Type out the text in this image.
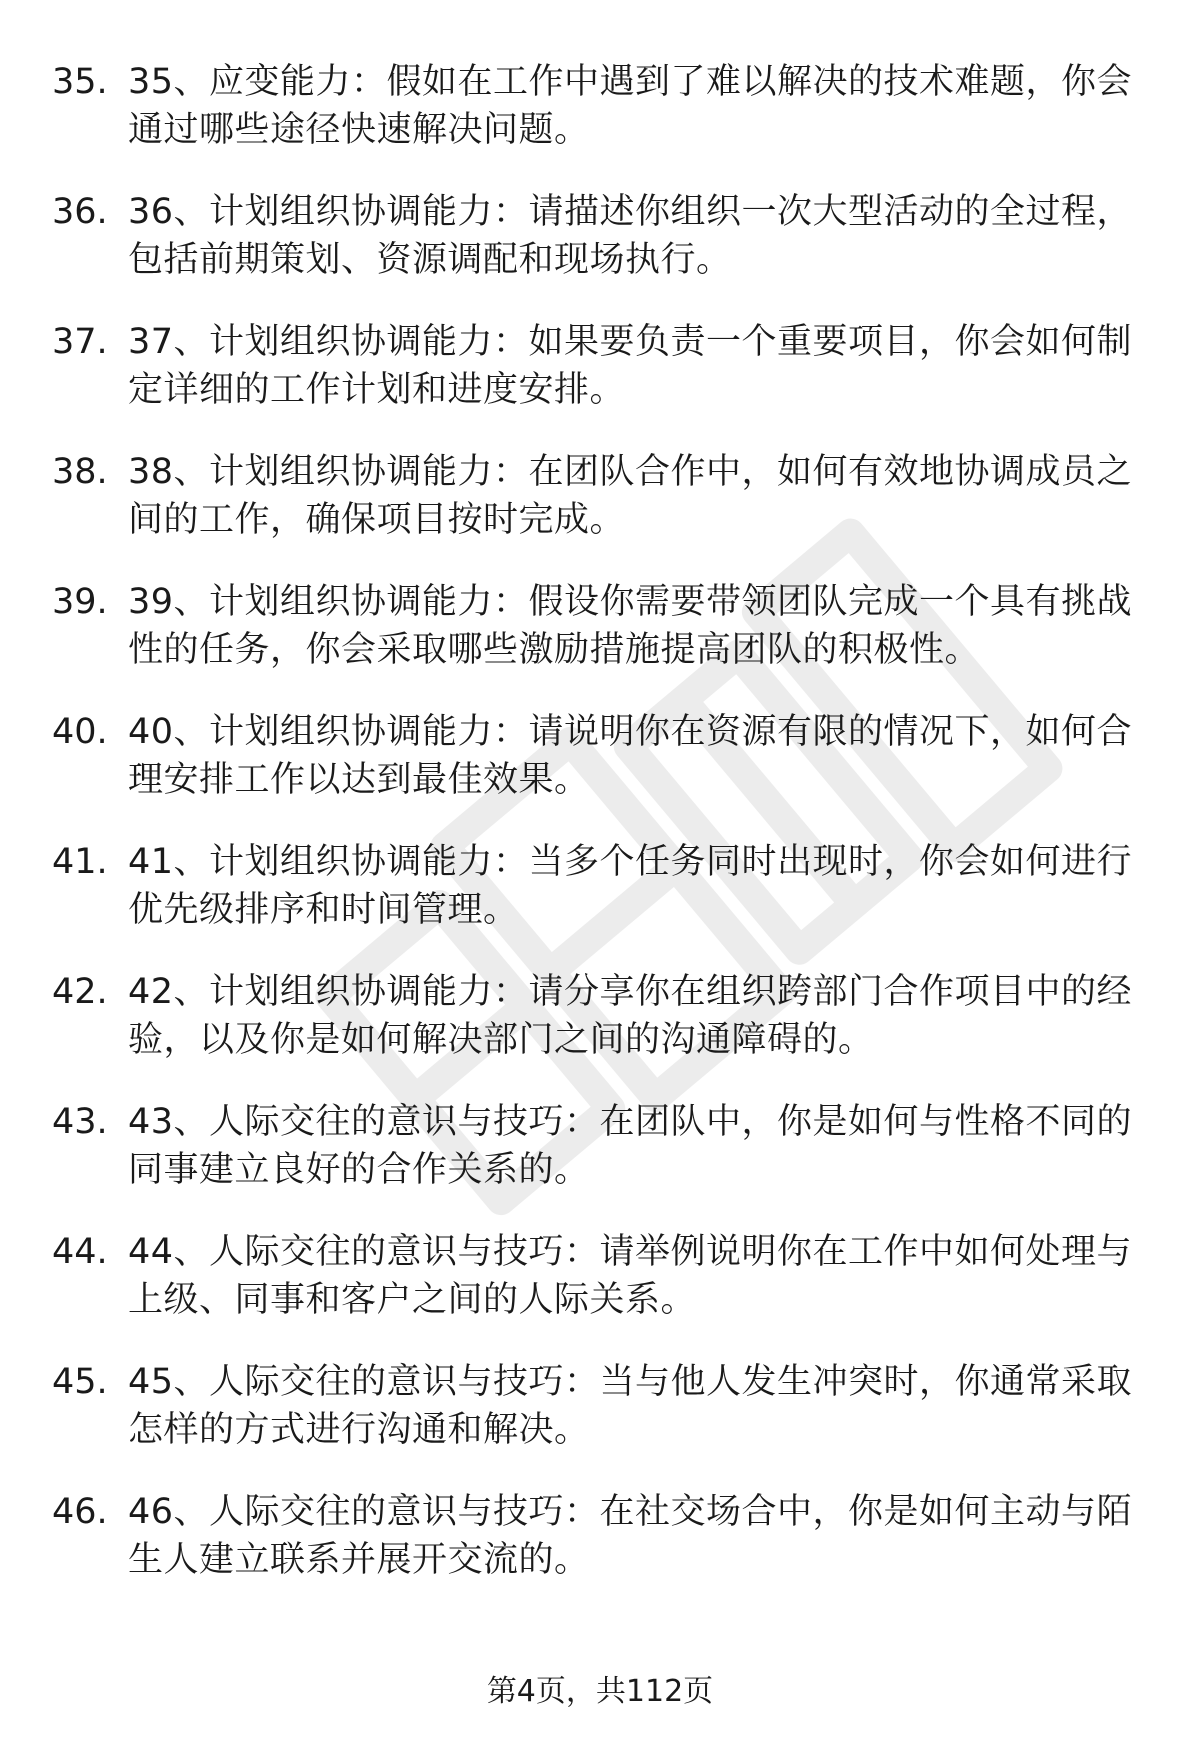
35. 35、应变能力：假如在工作中遇到了难以解决的技术难题，你会通过哪些途径快速解决问题。
36. 36、计划组织协调能力：请描述你组织一次大型活动的全过程，包括前期策划、资源调配和现场执行。
37. 37、计划组织协调能力：如果要负责一个重要项目，你会如何制定详细的工作计划和进度安排。
38. 38、计划组织协调能力：在团队合作中，如何有效地协调成员之间的工作，确保项目按时完成。
39. 39、计划组织协调能力：假设你需要带领团队完成一个具有挑战性的任务，你会采取哪些激励措施提高团队的积极性。
40. 40、计划组织协调能力：请说明你在资源有限的情况下，如何合理安排工作以达到最佳效果。
41. 41、计划组织协调能力：当多个任务同时出现时，你会如何进行优先级排序和时间管理。
42. 42、计划组织协调能力：请分享你在组织跨部门合作项目中的经验，以及你是如何解决部门之间的沟通障碍的。
43. 43、人际交往的意识与技巧：在团队中，你是如何与性格不同的同事建立良好的合作关系的。
44. 44、人际交往的意识与技巧：请举例说明你在工作中如何处理与上级、同事和客户之间的人际关系。
45. 45、人际交往的意识与技巧：当与他人发生冲突时，你通常采取怎样的方式进行沟通和解决。
46. 46、人际交往的意识与技巧：在社交场合中，你是如何主动与陌生人建立联系并展开交流的。
第4页，共112页
